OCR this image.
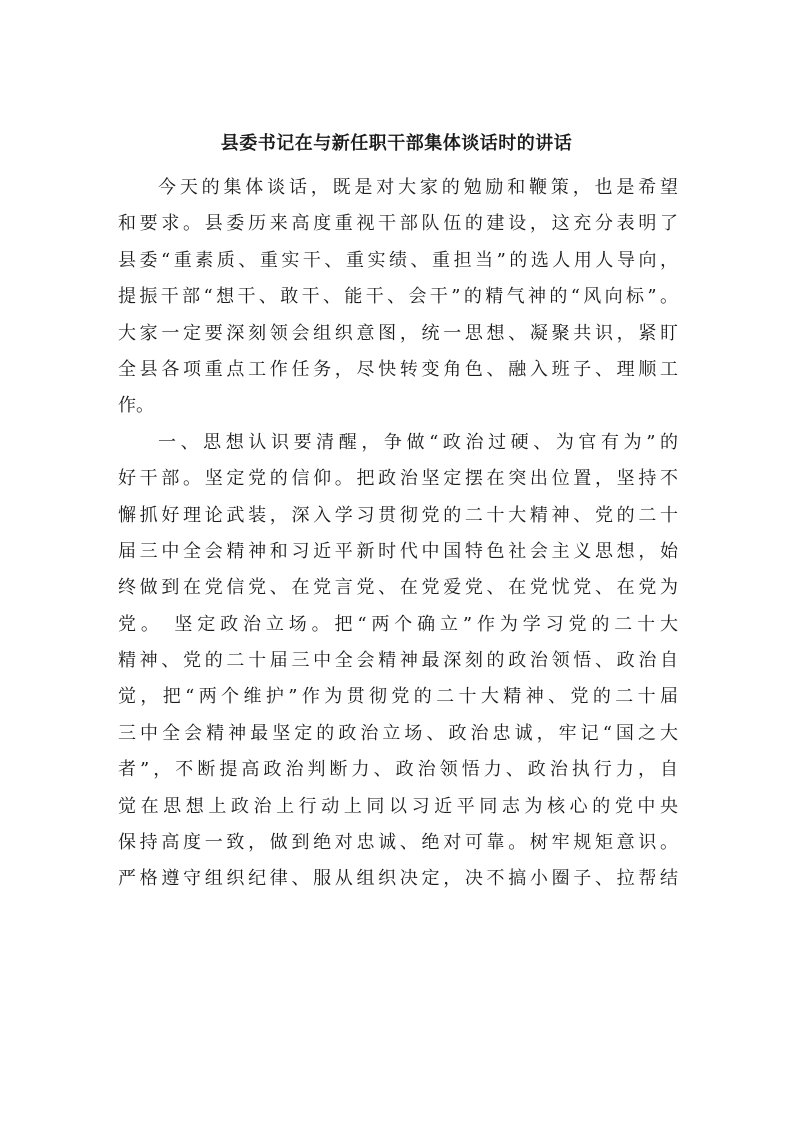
县委书记在与新任职干部集体谈话时的讲话
今天的集体谈话，既是对大家的勉励和鞭策，也是希望
和要求。县委历来高度重视干部队伍的建设，这充分表明了
县委“重素质、重实干、重实绩、重担当”的选人用人导向，
提振干部“想干、敢干、能干、会干”的精气神的“风向标”。
大家一定要深刻领会组织意图，统一思想、凝聚共识，紧盯
全县各项重点工作任务，尽快转变角色、融入班子、理顺工
作。
一、思想认识要清醒，争做“政治过硬、为官有为”的
好干部。坚定党的信仰。把政治坚定摆在突出位置，坚持不
懈抓好理论武装，深入学习贯彻党的二十大精神、党的二十
届三中全会精神和习近平新时代中国特色社会主义思想，始
终做到在党信党、在党言党、在党爱党、在党忧党、在党为
党。 坚定政治立场。把“两个确立”作为学习党的二十大
精神、党的二十届三中全会精神最深刻的政治领悟、政治自
觉，把“两个维护”作为贯彻党的二十大精神、党的二十届
三中全会精神最坚定的政治立场、政治忠诚，牢记“国之大
者”，不断提高政治判断力、政治领悟力、政治执行力，自
觉在思想上政治上行动上同以习近平同志为核心的党中央
保持高度一致，做到绝对忠诚、绝对可靠。树牢规矩意识。
严格遵守组织纪律、服从组织决定，决不搞小圈子、拉帮结
